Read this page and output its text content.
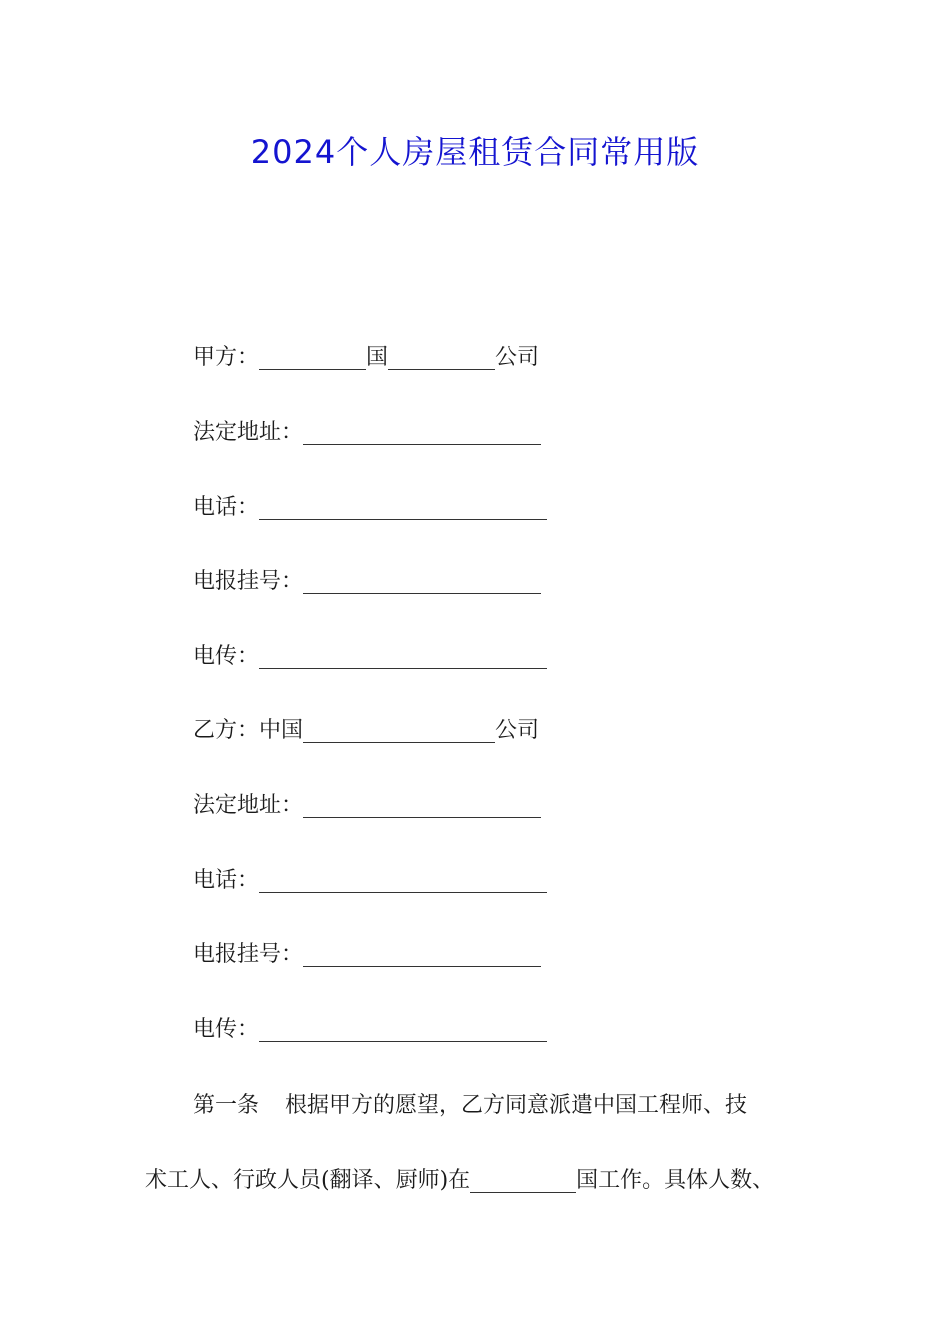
2024个人房屋租赁合同常用版
甲方：	国	公司
法定地址：
电话：
电报挂号：
电传：
乙方：中国	公司
法定地址：
电话：
电报挂号：
电传：
第一条 根据甲方的愿望，乙方同意派遣中国工程师、技
术工人、行政人员(翻译、厨师)在	国工作。具体人数、
